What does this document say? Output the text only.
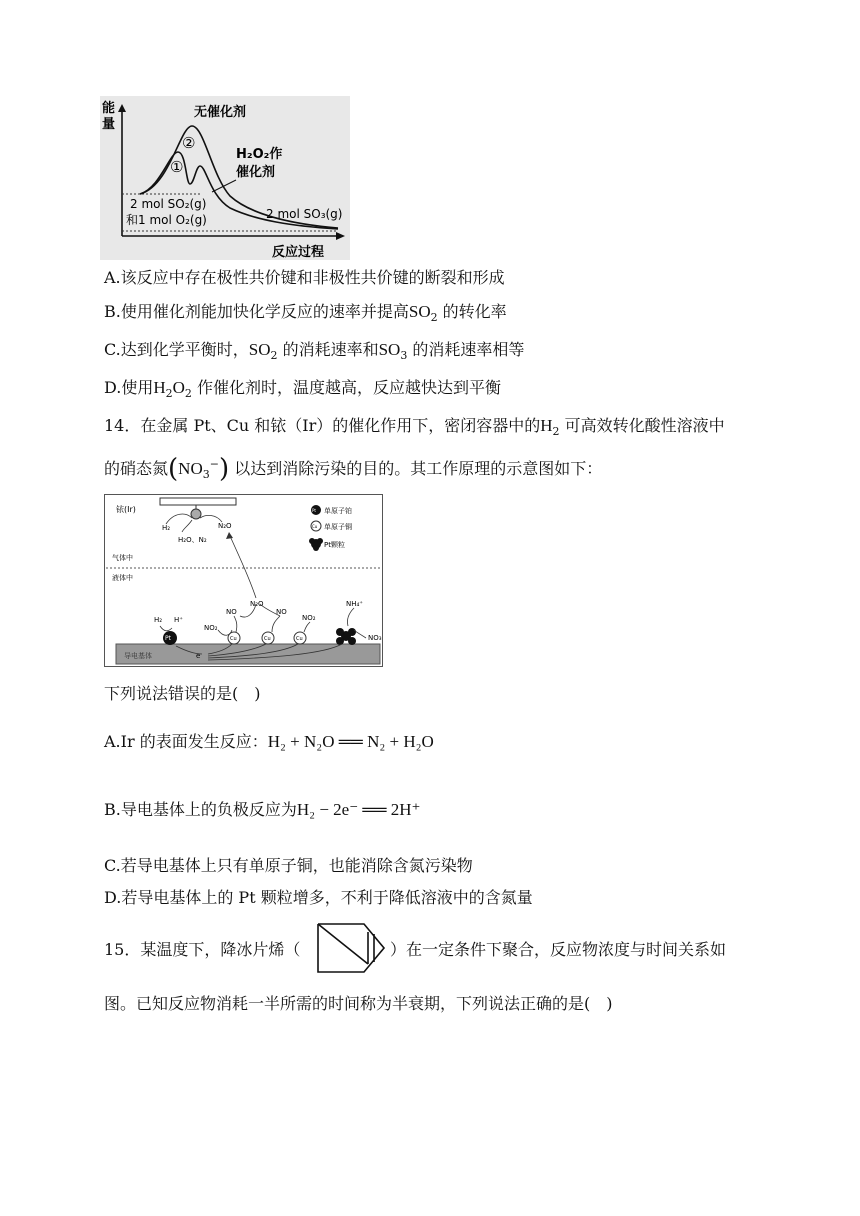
能
量
反应过程
无催化剂
②
①
H₂O₂作
催化剂
2 mol SO₂(g)
和1 mol O₂(g)	2 mol SO₃(g)
A.该反应中存在极性共价键和非极性共价键的断裂和形成
B.使用催化剂能加快化学反应的速率并提高$SO_2$ 的转化率
C.达到化学平衡时，$SO_2$ 的消耗速率和$SO_3$ 的消耗速率相等
D.使用$H_2O_2$ 作催化剂时，温度越高，反应越快达到平衡
14．在金属 Pt、Cu 和铱（Ir）的催化作用下，密闭容器中的$H_2$ 可高效转化酸性溶液中
的硝态氮$(NO_3^-)$ 以达到消除污染的目的。其工作原理的示意图如下：
铱(Ir)
H₂	N₂O
H₂O、N₂
Pt 单原子铂
Cu 单原子铜
Pt颗粒
气体中
液体中
N₂O
导电基体	e
Pt
H₂ H⁺
Cu	Cu	Cu
NO₂
NO	NO
NO₂
NH₄⁺
NO₃
下列说法错误的是(　)
A.Ir 的表面发生反应：H₂ + N₂O ══ N₂ + H₂O
B.导电基体上的负极反应为H₂ − 2e⁻ ══ 2H⁺
C.若导电基体上只有单原子铜，也能消除含氮污染物
D.若导电基体上的 Pt 颗粒增多，不利于降低溶液中的含氮量
15．某温度下，降冰片烯（	）在一定条件下聚合，反应物浓度与时间关系如
图。已知反应物消耗一半所需的时间称为半衰期，下列说法正确的是(　)
